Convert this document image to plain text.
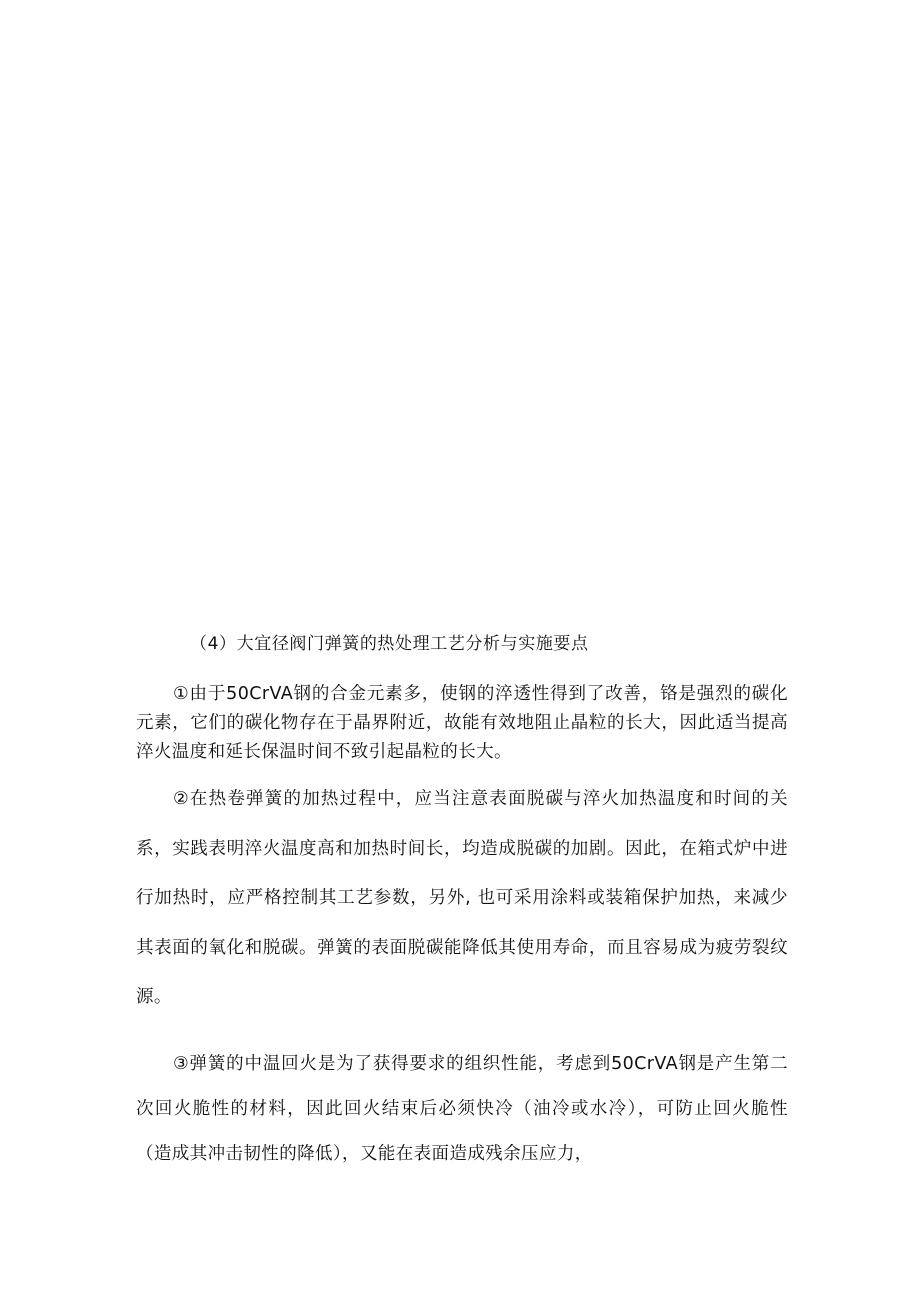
（4）大宜径阀门弹簧的热处理工艺分析与实施要点

①由于50CrVA钢的合金元素多，使钢的淬透性得到了改善，铬是强烈的碳化元素，它们的碳化物存在于晶界附近，故能有效地阻止晶粒的长大，因此适当提高淬火温度和延长保温时间不致引起晶粒的长大。

②在热卷弹簧的加热过程中，应当注意表面脱碳与淬火加热温度和时间的关系，实践表明淬火温度高和加热时间长，均造成脱碳的加剧。因此，在箱式炉中进行加热时，应严格控制其工艺参数，另外, 也可采用涂料或装箱保护加热，来减少其表面的氧化和脱碳。弹簧的表面脱碳能降低其使用寿命，而且容易成为疲劳裂纹源。

③弹簧的中温回火是为了获得要求的组织性能，考虑到50CrVA钢是产生第二次回火脆性的材料，因此回火结束后必须快冷（油冷或水冷），可防止回火脆性（造成其冲击韧性的降低），又能在表面造成残余压应力，
